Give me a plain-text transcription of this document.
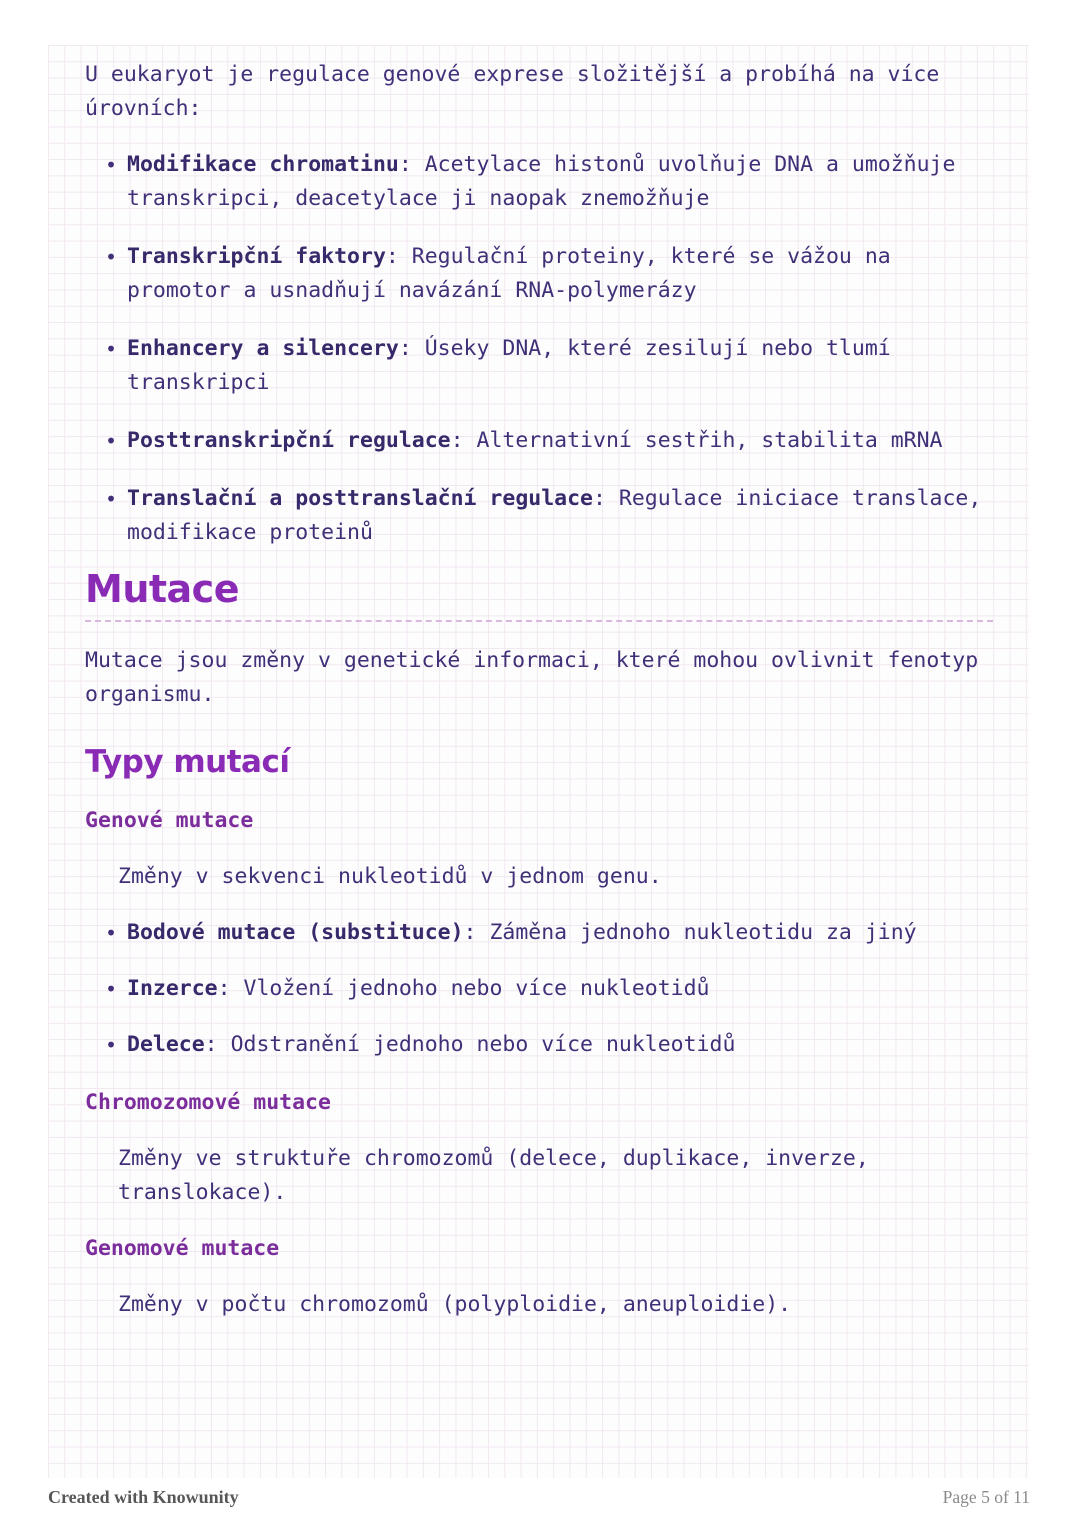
U eukaryot je regulace genové exprese složitější a probíhá na více úrovních:

• Modifikace chromatinu: Acetylace histonů uvolňuje DNA a umožňuje transkripci, deacetylace ji naopak znemožňuje
• Transkripční faktory: Regulační proteiny, které se vážou na promotor a usnadňují navázání RNA-polymerázy
• Enhancery a silencery: Úseky DNA, které zesilují nebo tlumí transkripci
• Posttranskripční regulace: Alternativní sestřih, stabilita mRNA
• Translační a posttranslační regulace: Regulace iniciace translace, modifikace proteinů
Mutace

Mutace jsou změny v genetické informaci, které mohou ovlivnit fenotyp organismu.

Typy mutací
Genové mutace

Změny v sekvenci nukleotidů v jednom genu.

• Bodové mutace (substituce): Záměna jednoho nukleotidu za jiný
• Inzerce: Vložení jednoho nebo více nukleotidů
• Delece: Odstranění jednoho nebo více nukleotidů
Chromozomové mutace

Změny ve struktuře chromozomů (delece, duplikace, inverze, translokace).

Genomové mutace

Změny v počtu chromozomů (polyploidie, aneuploidie).

Created with Knowunity	Page 5 of 11
